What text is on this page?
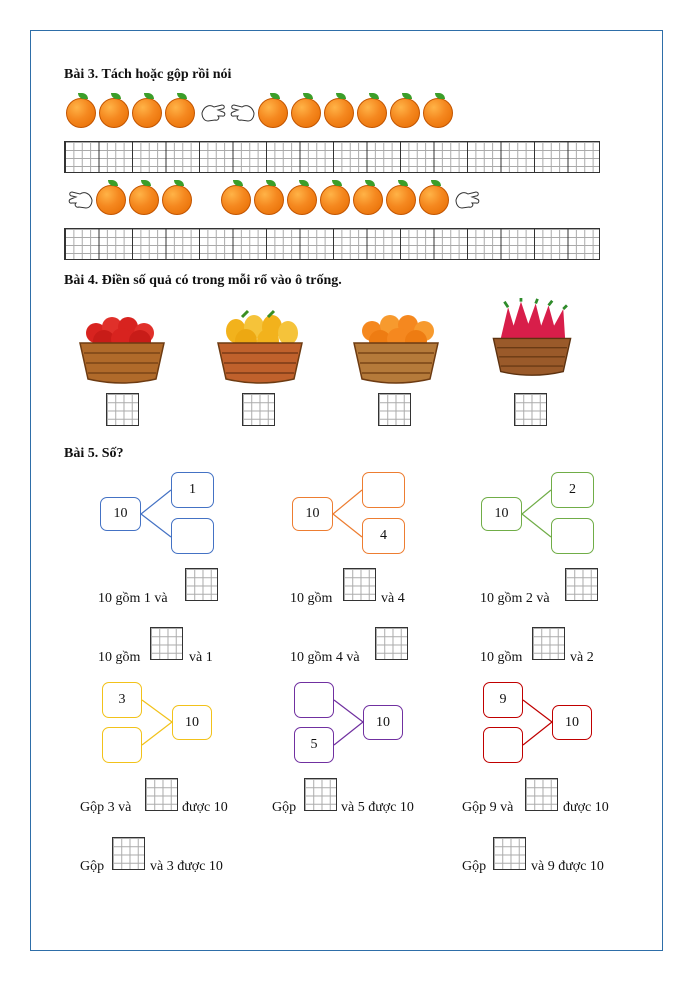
Bài 3. Tách hoặc gộp rồi nói
Bài 4. Điền số quả có trong mỗi rổ vào ô trống.
Bài 5. Số?
10
1
10
4
10
2
10 gồm 1 và	10 gồm	và 4	10 gồm 2 và
10 gồm	và 1	10 gồm 4 và	10 gồm	và 2
3
10
5
10
9
10
Gộp 3 và	được 10	Gộp	và 5 được 10	Gộp 9 và	được 10
Gộp	và 3 được 10	Gộp	và 9 được 10
